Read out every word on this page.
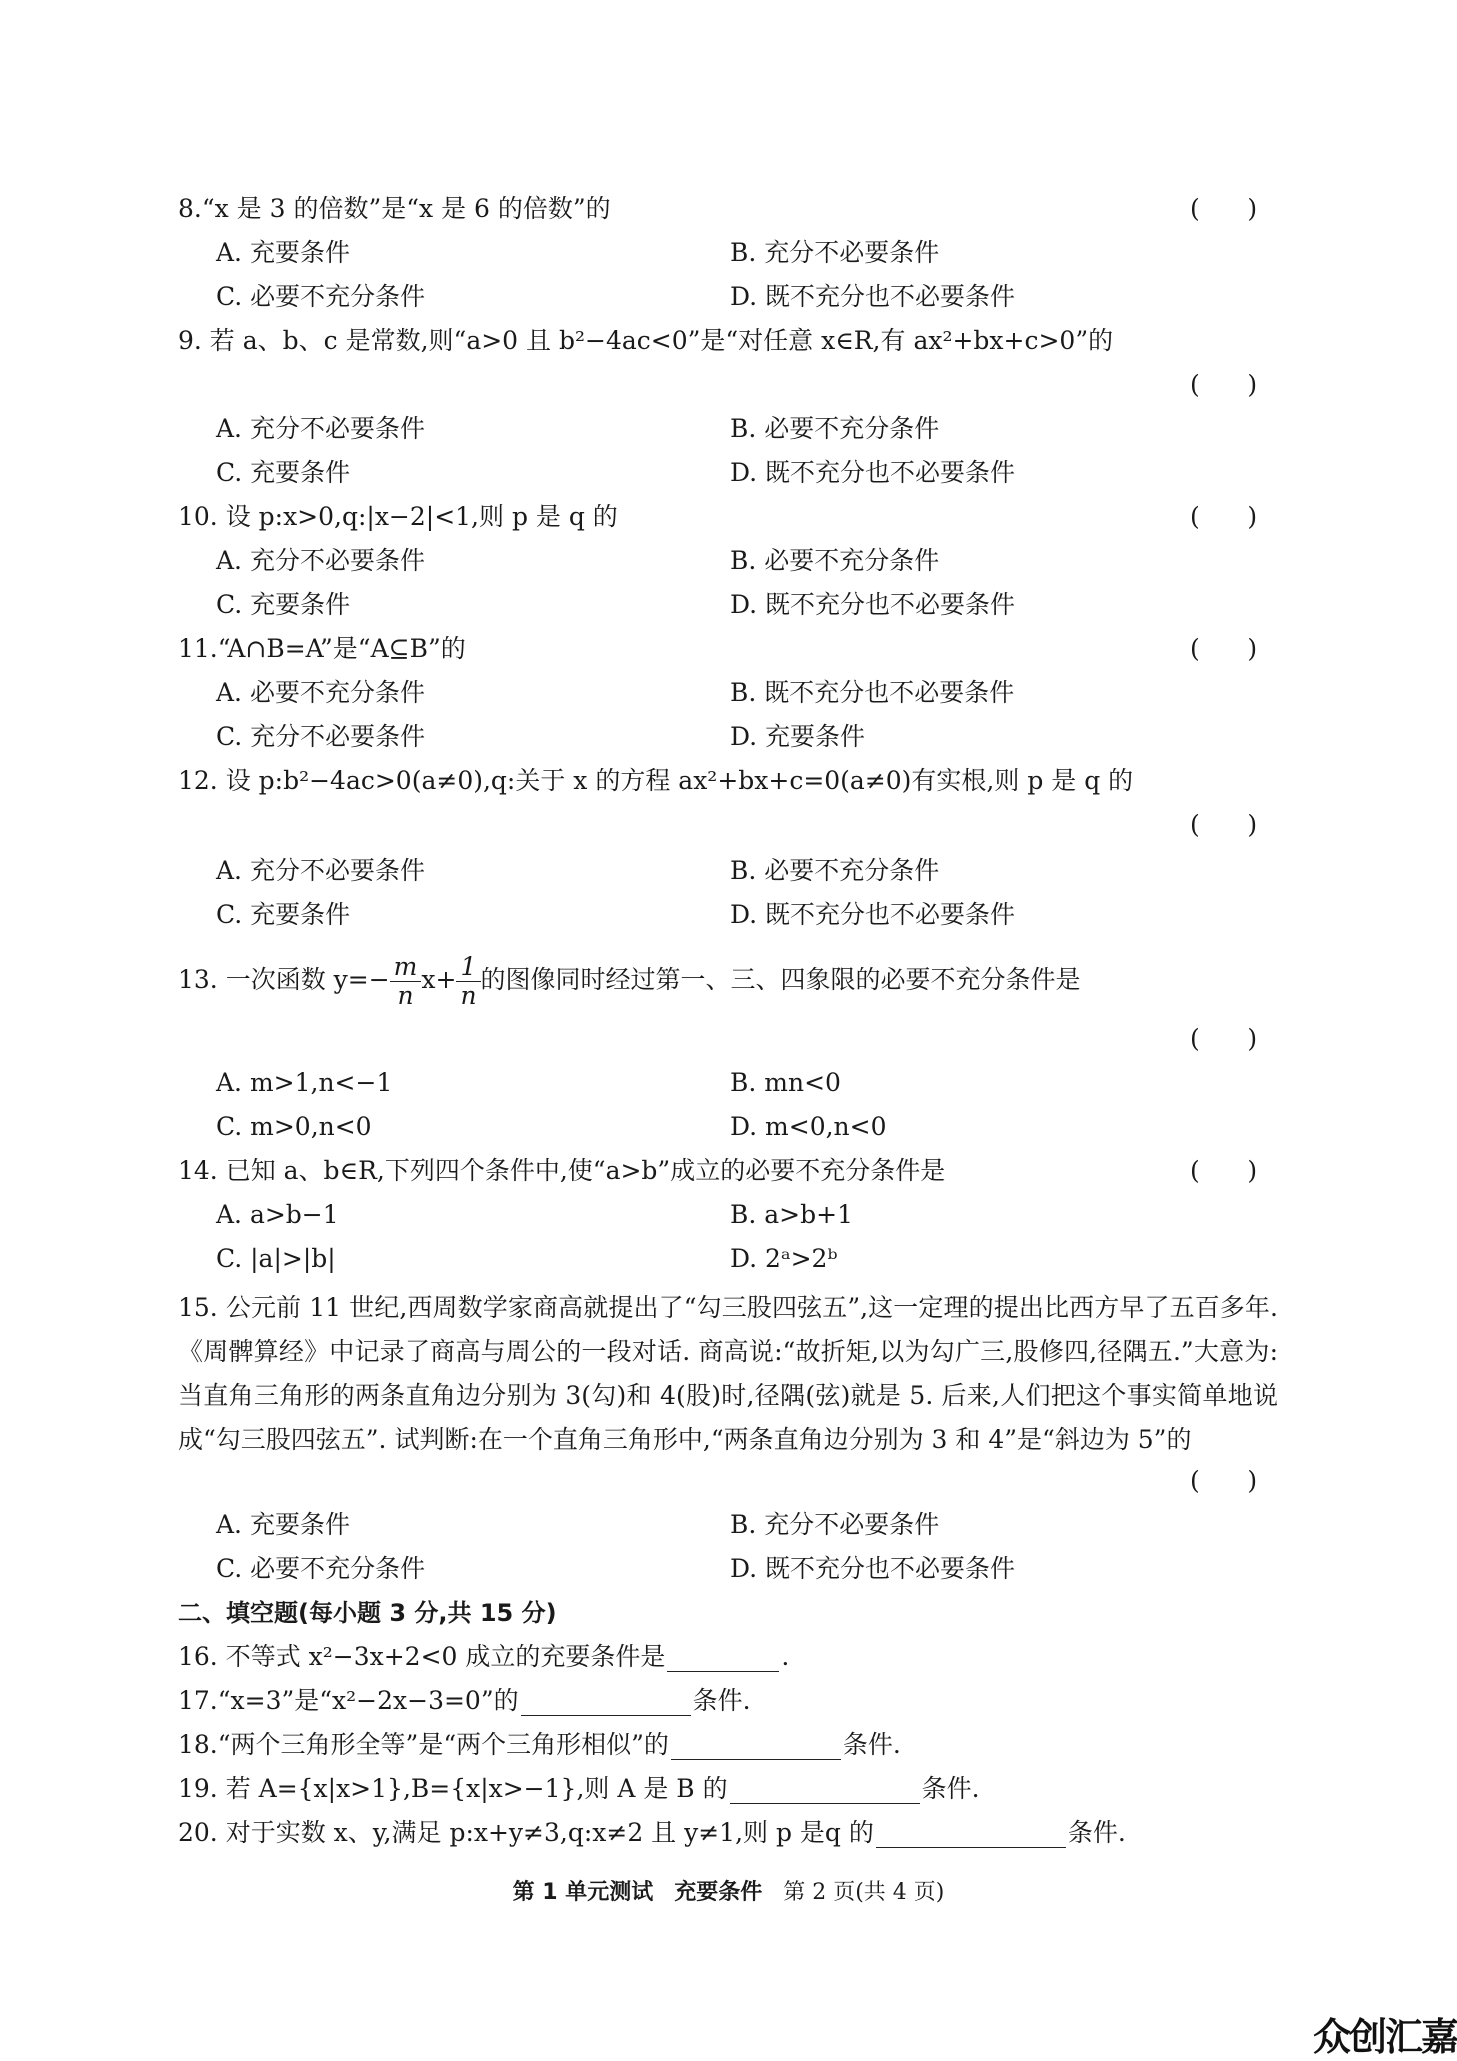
8.“x 是 3 的倍数”是“x 是 6 的倍数”的	(      )
A. 充要条件	B. 充分不必要条件
C. 必要不充分条件	D. 既不充分也不必要条件
9. 若 a、b、c 是常数,则“a>0 且 b²−4ac<0”是“对任意 x∈R,有 ax²+bx+c>0”的
(      )
A. 充分不必要条件	B. 必要不充分条件
C. 充要条件	D. 既不充分也不必要条件
10. 设 p:x>0,q:|x−2|<1,则 p 是 q 的	(      )
A. 充分不必要条件	B. 必要不充分条件
C. 充要条件	D. 既不充分也不必要条件
11.“A∩B=A”是“A⊆B”的	(      )
A. 必要不充分条件	B. 既不充分也不必要条件
C. 充分不必要条件	D. 充要条件
12. 设 p:b²−4ac>0(a≠0),q:关于 x 的方程 ax²+bx+c=0(a≠0)有实根,则 p 是 q 的
(      )
A. 充分不必要条件	B. 必要不充分条件
C. 充要条件	D. 既不充分也不必要条件
13. 一次函数 $y=- \frac{m}{n} x+ \frac{1}{n}$ 的图像同时经过第一、三、四象限的必要不充分条件是
(      )
A. m>1,n<−1	B. mn<0
C. m>0,n<0	D. m<0,n<0
14. 已知 a、b∈R,下列四个条件中,使“a>b”成立的必要不充分条件是	(      )
A. a>b−1	B. a>b+1
C. |a|>|b|	D. 2ᵃ>2ᵇ
15. 公元前 11 世纪,西周数学家商高就提出了“勾三股四弦五”,这一定理的提出比西方早了五百多年.《周髀算经》中记录了商高与周公的一段对话. 商高说:“故折矩,以为勾广三,股修四,径隅五.”大意为:当直角三角形的两条直角边分别为 3(勾)和 4(股)时,径隅(弦)就是 5. 后来,人们把这个事实简单地说成“勾三股四弦五”. 试判断:在一个直角三角形中,“两条直角边分别为 3 和 4”是“斜边为 5”的
(      )
A. 充要条件	B. 充分不必要条件
C. 必要不充分条件	D. 既不充分也不必要条件
二、填空题(每小题 3 分,共 15 分)
16. 不等式 x²−3x+2<0 成立的充要条件是	.
17.“x=3”是“x²−2x−3=0”的	条件.
18.“两个三角形全等”是“两个三角形相似”的	条件.
19. 若 A={x|x>1},B={x|x>−1},则 A 是 B 的	条件.
20. 对于实数 x、y,满足 p:x+y≠3,q:x≠2 且 y≠1,则 p 是q 的	条件.
第 1 单元测试 充要条件 第 2 页(共 4 页)
众创汇嘉
